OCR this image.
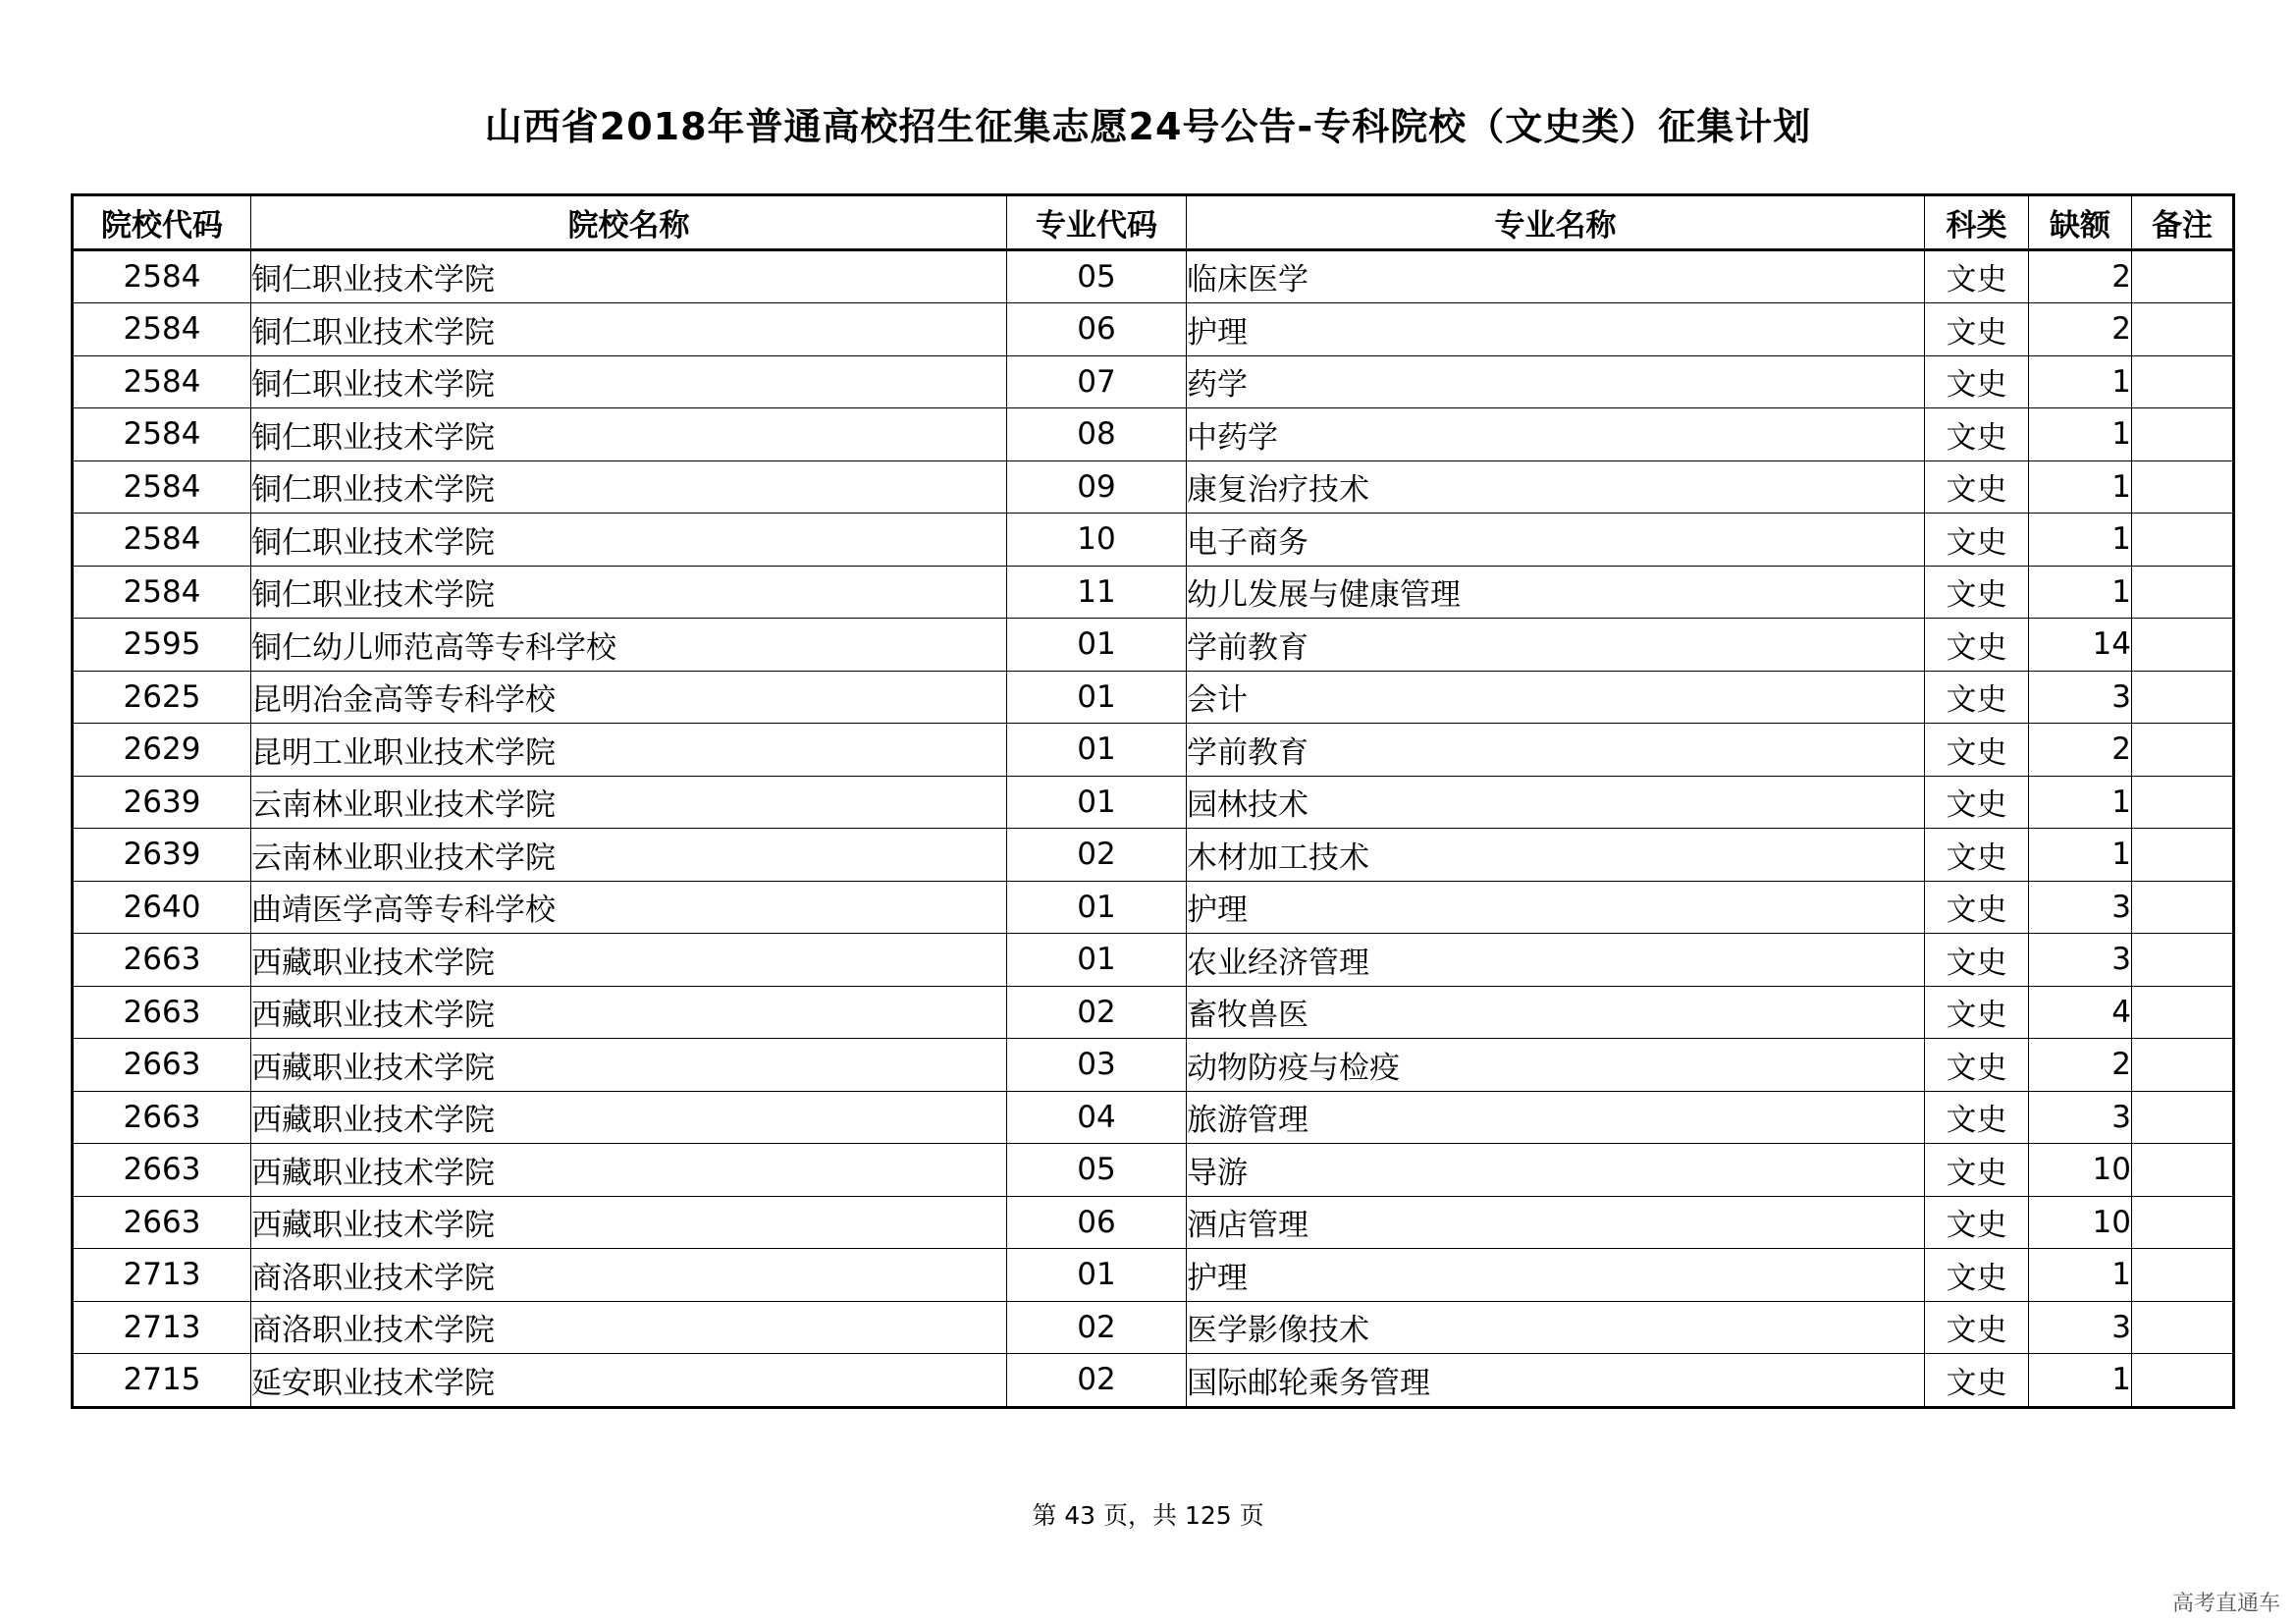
山西省2018年普通高校招生征集志愿24号公告-专科院校（文史类）征集计划
院校代码	院校名称	专业代码	专业名称	科类	缺额	备注
2584	铜仁职业技术学院	05	临床医学	文史	2	
2584	铜仁职业技术学院	06	护理	文史	2	
2584	铜仁职业技术学院	07	药学	文史	1	
2584	铜仁职业技术学院	08	中药学	文史	1	
2584	铜仁职业技术学院	09	康复治疗技术	文史	1	
2584	铜仁职业技术学院	10	电子商务	文史	1	
2584	铜仁职业技术学院	11	幼儿发展与健康管理	文史	1	
2595	铜仁幼儿师范高等专科学校	01	学前教育	文史	14	
2625	昆明冶金高等专科学校	01	会计	文史	3	
2629	昆明工业职业技术学院	01	学前教育	文史	2	
2639	云南林业职业技术学院	01	园林技术	文史	1	
2639	云南林业职业技术学院	02	木材加工技术	文史	1	
2640	曲靖医学高等专科学校	01	护理	文史	3	
2663	西藏职业技术学院	01	农业经济管理	文史	3	
2663	西藏职业技术学院	02	畜牧兽医	文史	4	
2663	西藏职业技术学院	03	动物防疫与检疫	文史	2	
2663	西藏职业技术学院	04	旅游管理	文史	3	
2663	西藏职业技术学院	05	导游	文史	10	
2663	西藏职业技术学院	06	酒店管理	文史	10	
2713	商洛职业技术学院	01	护理	文史	1	
2713	商洛职业技术学院	02	医学影像技术	文史	3	
2715	延安职业技术学院	02	国际邮轮乘务管理	文史	1	
第 43 页，共 125 页
高考直通车
